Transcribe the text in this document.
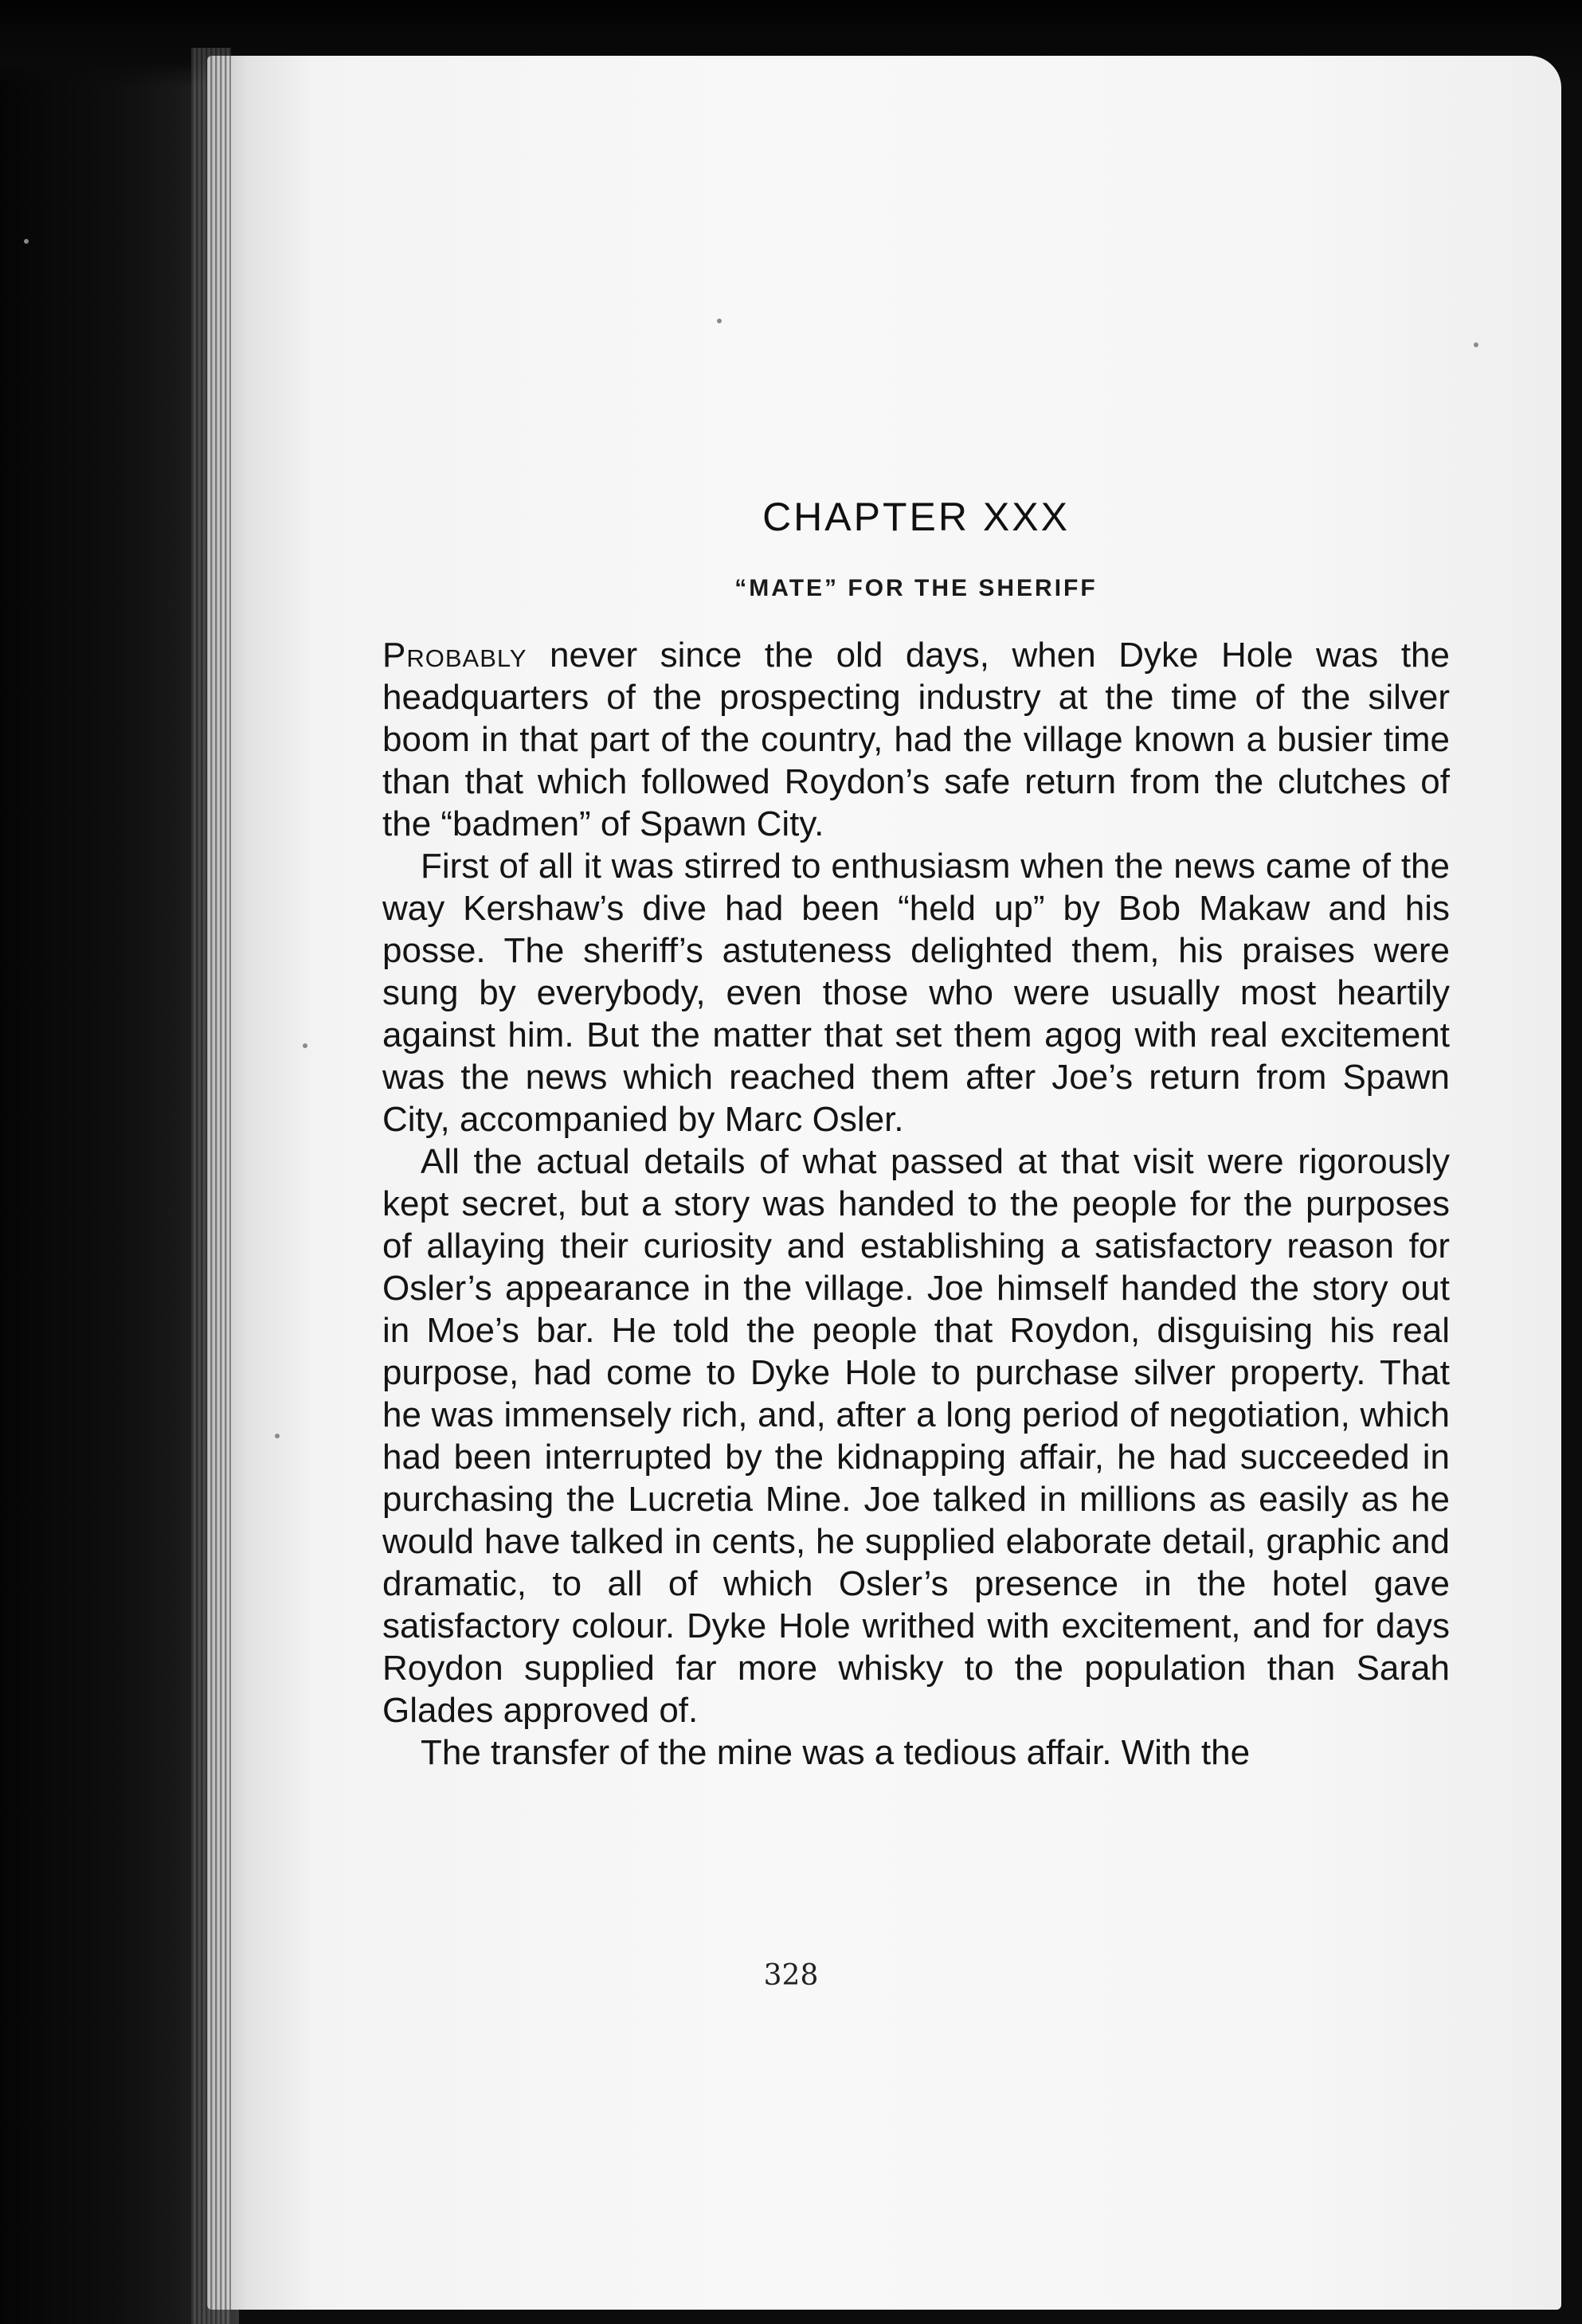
CHAPTER XXX
“MATE” FOR THE SHERIFF

Probably never since the old days, when Dyke Hole was the headquarters of the prospecting industry at the time of the silver boom in that part of the country, had the village known a busier time than that which followed Roydon’s safe return from the clutches of the “badmen” of Spawn City.

First of all it was stirred to enthusiasm when the news came of the way Kershaw’s dive had been “held up” by Bob Makaw and his posse. The sheriff’s astuteness delighted them, his praises were sung by everybody, even those who were usually most heartily against him. But the matter that set them agog with real excitement was the news which reached them after Joe’s return from Spawn City, accompanied by Marc Osler.

All the actual details of what passed at that visit were rigorously kept secret, but a story was handed to the people for the purposes of allaying their curiosity and establishing a satisfactory reason for Osler’s appearance in the village. Joe himself handed the story out in Moe’s bar. He told the people that Roydon, disguising his real purpose, had come to Dyke Hole to purchase silver property. That he was immensely rich, and, after a long period of negotiation, which had been interrupted by the kidnapping affair, he had succeeded in purchasing the Lucretia Mine. Joe talked in millions as easily as he would have talked in cents, he supplied elaborate detail, graphic and dramatic, to all of which Osler’s presence in the hotel gave satisfactory colour. Dyke Hole writhed with excitement, and for days Roydon supplied far more whisky to the population than Sarah Glades approved of.

The transfer of the mine was a tedious affair. With the

328
